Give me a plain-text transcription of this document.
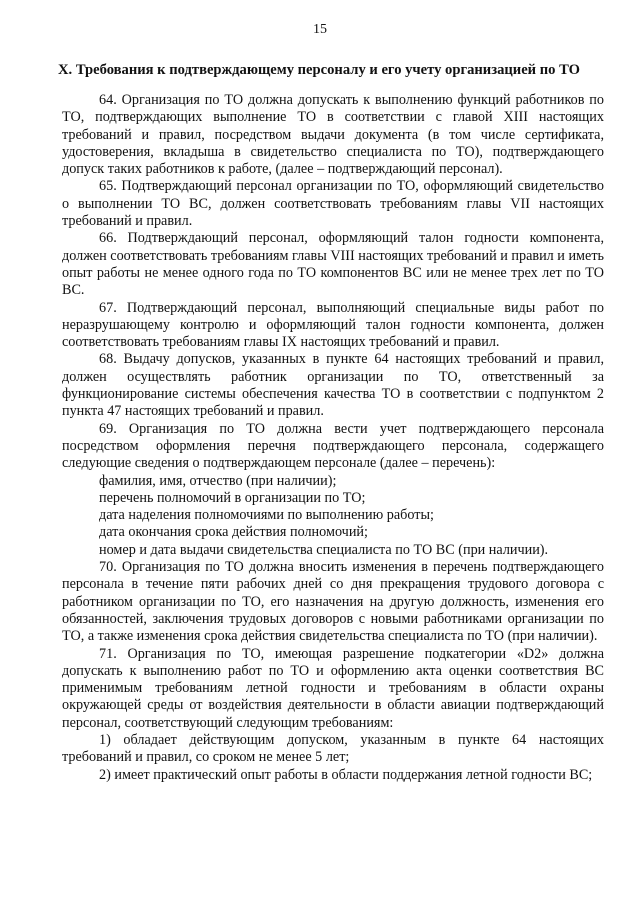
15
X. Требования к подтверждающему персоналу и его учету организацией по ТО

64. Организация по ТО должна допускать к выполнению функций работников по ТО, подтверждающих выполнение ТО в соответствии с главой XIII настоящих требований и правил, посредством выдачи документа (в том числе сертификата, удостоверения, вкладыша в свидетельство специалиста по ТО), подтверждающего допуск таких работников к работе, (далее – подтверждающий персонал).

65. Подтверждающий персонал организации по ТО, оформляющий свидетельство о выполнении ТО ВС, должен соответствовать требованиям главы VII настоящих требований и правил.

66. Подтверждающий персонал, оформляющий талон годности компонента, должен соответствовать требованиям главы VIII настоящих требований и правил и иметь опыт работы не менее одного года по ТО компонентов ВС или не менее трех лет по ТО ВС.

67. Подтверждающий персонал, выполняющий специальные виды работ по неразрушающему контролю и оформляющий талон годности компонента, должен соответствовать требованиям главы IX настоящих требований и правил.

68. Выдачу допусков, указанных в пункте 64 настоящих требований и правил, должен осуществлять работник организации по ТО, ответственный за функционирование системы обеспечения качества ТО в соответствии с подпунктом 2 пункта 47 настоящих требований и правил.

69. Организация по ТО должна вести учет подтверждающего персонала посредством оформления перечня подтверждающего персонала, содержащего следующие сведения о подтверждающем персонале (далее – перечень):

фамилия, имя, отчество (при наличии);

перечень полномочий в организации по ТО;

дата наделения полномочиями по выполнению работы;

дата окончания срока действия полномочий;

номер и дата выдачи свидетельства специалиста по ТО ВС (при наличии).

70. Организация по ТО должна вносить изменения в перечень подтверждающего персонала в течение пяти рабочих дней со дня прекращения трудового договора с работником организации по ТО, его назначения на другую должность, изменения его обязанностей, заключения трудовых договоров с новыми работниками организации по ТО, а также изменения срока действия свидетельства специалиста по ТО (при наличии).

71. Организация по ТО, имеющая разрешение подкатегории «D2» должна допускать к выполнению работ по ТО и оформлению акта оценки соответствия ВС применимым требованиям летной годности и требованиям в области охраны окружающей среды от воздействия деятельности в области авиации подтверждающий персонал, соответствующий следующим требованиям:

1) обладает действующим допуском, указанным в пункте 64 настоящих требований и правил, со сроком не менее 5 лет;

2) имеет практический опыт работы в области поддержания летной годности ВС;
